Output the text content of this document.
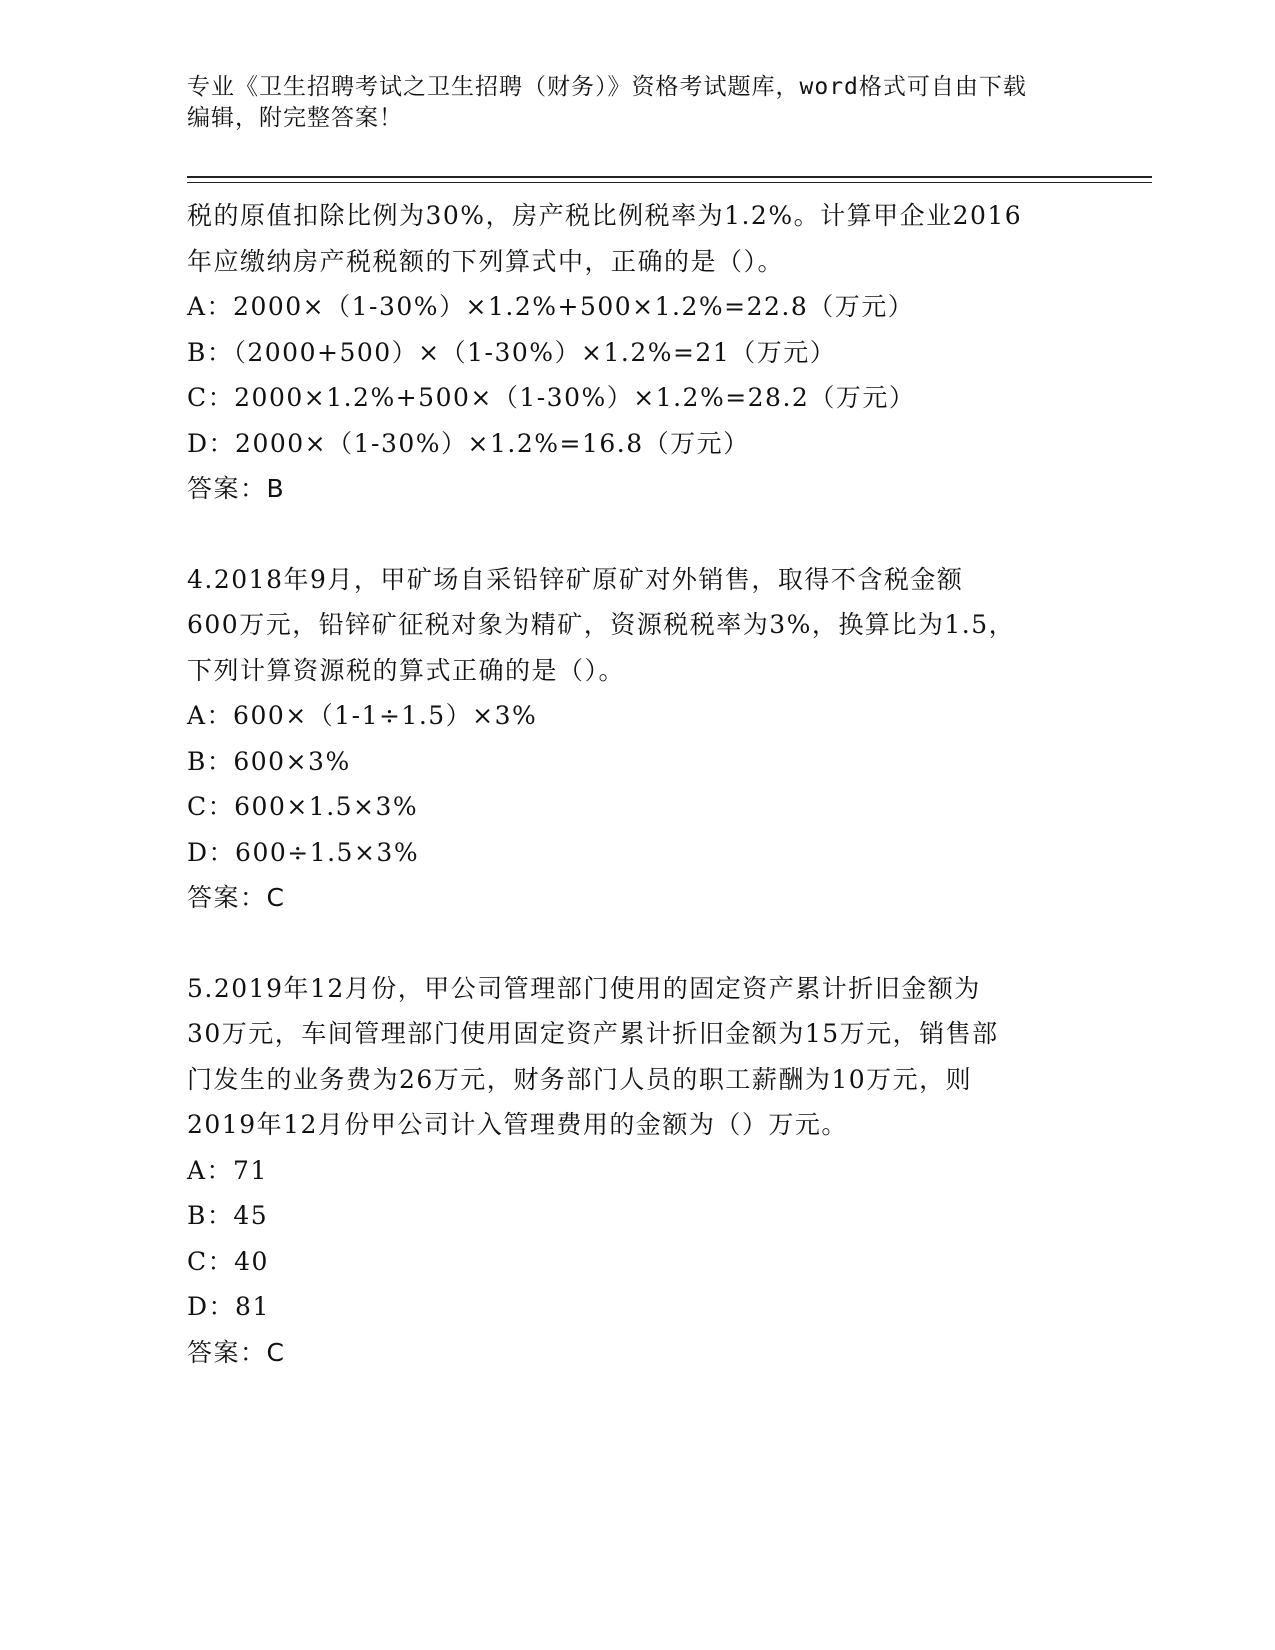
专业《卫生招聘考试之卫生招聘（财务）》资格考试题库，word格式可自由下载
编辑，附完整答案！
税的原值扣除比例为30%，房产税比例税率为1.2%。计算甲企业2016
年应缴纳房产税税额的下列算式中，正确的是（）。
A：2000×（1-30%）×1.2%+500×1.2%=22.8（万元）
B：（2000+500）×（1-30%）×1.2%=21（万元）
C：2000×1.2%+500×（1-30%）×1.2%=28.2（万元）
D：2000×（1-30%）×1.2%=16.8（万元）
答案：B
4.2018年9月，甲矿场自采铅锌矿原矿对外销售，取得不含税金额
600万元，铅锌矿征税对象为精矿，资源税税率为3%，换算比为1.5，
下列计算资源税的算式正确的是（）。
A：600×（1-1÷1.5）×3%
B：600×3%
C：600×1.5×3%
D：600÷1.5×3%
答案：C
5.2019年12月份，甲公司管理部门使用的固定资产累计折旧金额为
30万元，车间管理部门使用固定资产累计折旧金额为15万元，销售部
门发生的业务费为26万元，财务部门人员的职工薪酬为10万元，则
2019年12月份甲公司计入管理费用的金额为（）万元。
A：71
B：45
C：40
D：81
答案：C
